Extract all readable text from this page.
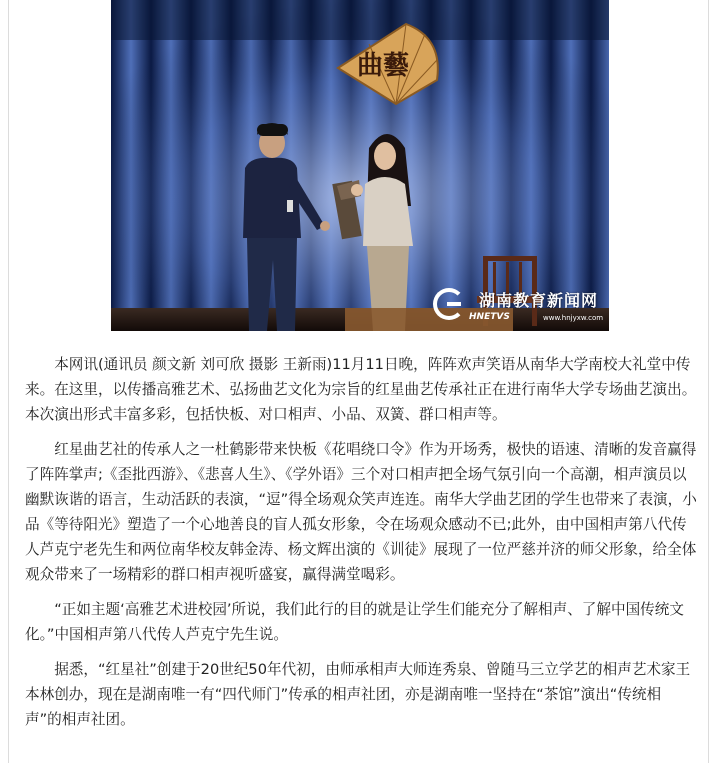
曲藝
湖南教育新闻网
HNETVS	www.hnjyxw.com

本网讯(通讯员 颜文新 刘可欣 摄影 王新雨)11月11日晚，阵阵欢声笑语从南华大学南校大礼堂中传来。在这里，以传播高雅艺术、弘扬曲艺文化为宗旨的红星曲艺传承社正在进行南华大学专场曲艺演出。本次演出形式丰富多彩，包括快板、对口相声、小品、双簧、群口相声等。

红星曲艺社的传承人之一杜鹤影带来快板《花唱绕口令》作为开场秀，极快的语速、清晰的发音赢得了阵阵掌声;《歪批西游》、《悲喜人生》、《学外语》三个对口相声把全场气氛引向一个高潮，相声演员以幽默诙谐的语言，生动活跃的表演，“逗”得全场观众笑声连连。南华大学曲艺团的学生也带来了表演，小品《等待阳光》塑造了一个心地善良的盲人孤女形象，令在场观众感动不已;此外，由中国相声第八代传人芦克宁老先生和两位南华校友韩金涛、杨文辉出演的《训徒》展现了一位严慈并济的师父形象，给全体观众带来了一场精彩的群口相声视听盛宴，赢得满堂喝彩。

“正如主题‘高雅艺术进校园’所说，我们此行的目的就是让学生们能充分了解相声、了解中国传统文化。”中国相声第八代传人芦克宁先生说。

据悉，“红星社”创建于20世纪50年代初，由师承相声大师连秀泉、曾随马三立学艺的相声艺术家王本林创办，现在是湖南唯一有“四代师门”传承的相声社团，亦是湖南唯一坚持在“茶馆”演出“传统相声”的相声社团。
